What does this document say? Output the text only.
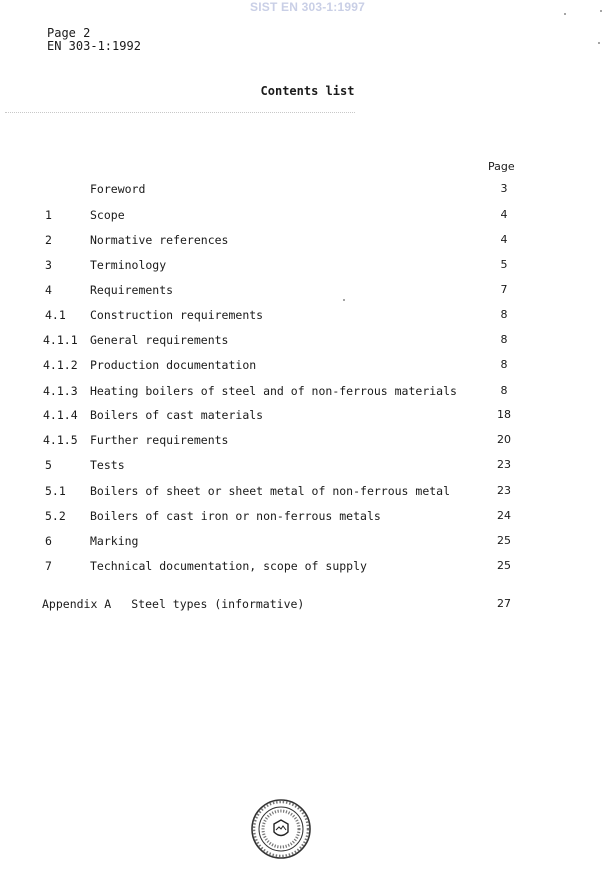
SIST EN 303-1:1997
Page 2
EN 303-1:1992
Contents list
Page
Foreword	3
1	Scope	4
2	Normative references	4
3	Terminology	5
4	Requirements	7
4.1 Construction requirements	8
4.1.1 General requirements	8
4.1.2 Production documentation	8
4.1.3 Heating boilers of steel and of non-ferrous materials	8
4.1.4 Boilers of cast materials	18
4.1.5 Further requirements	20
5	Tests	23
5.1 Boilers of sheet or sheet metal of non-ferrous metal	23
5.2 Boilers of cast iron or non-ferrous metals	24
6	Marking	25
7	Technical documentation, scope of supply	25
Appendix A Steel types (informative)	27
